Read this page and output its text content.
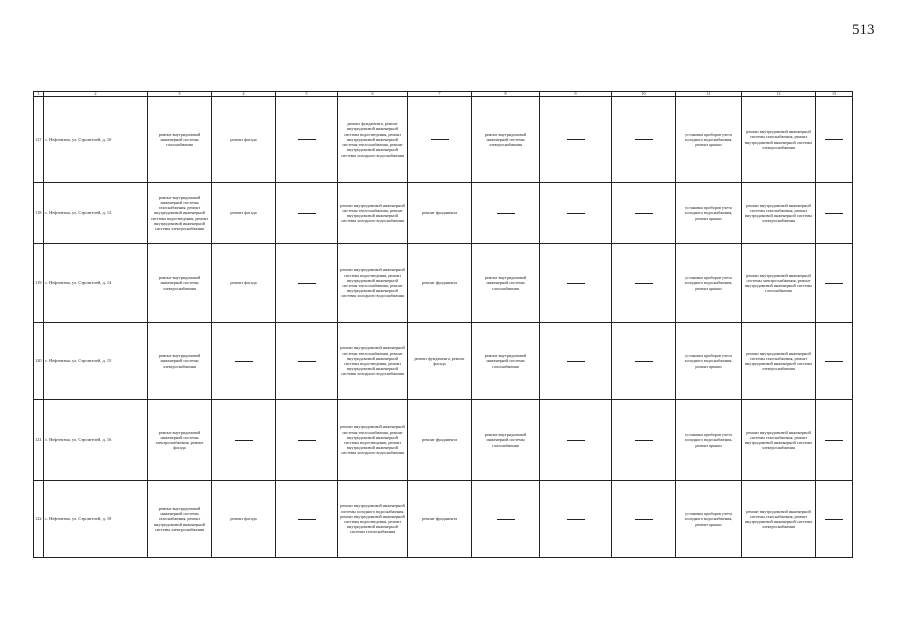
513
1	2	3	4	5	6	7	8	9	10	11	12	13
117	с. Нефтеизма, ул. Строителей, д. 10	ремонт внутридомовой инженерной системы газоснабжения	ремонт фасада		ремонт фундамента, ремонт внутридомовой инженерной системы водоотведения, ремонт внутридомовой инженерной системы теплоснабжения, ремонт внутридомовой инженерной системы холодного водоснабжения		ремонт внутридомовой инженерной системы электроснабжения			установка приборов учета холодного водоснабжения, ремонт крыши	ремонт внутридомовой инженерной системы газоснабжения, ремонт внутридомовой инженерной системы электроснабжения	
118	с. Нефтеизма, ул. Строителей, д. 12	ремонт внутридомовой инженерной системы газоснабжения, ремонт внутридомовой инженерной системы водоотведения, ремонт внутридомовой инженерной системы электроснабжения	ремонт фасада		ремонт внутридомовой инженерной системы теплоснабжения, ремонт внутридомовой инженерной системы холодного водоснабжения	ремонт фундамента				установка приборов учета холодного водоснабжения, ремонт крыши	ремонт внутридомовой инженерной системы газоснабжения, ремонт внутридомовой инженерной системы электроснабжения	
119	с. Нефтеизма, ул. Строителей, д. 14	ремонт внутридомовой инженерной системы электроснабжения	ремонт фасада		ремонт внутридомовой инженерной системы водоотведения, ремонт внутридомовой инженерной системы теплоснабжения, ремонт внутридомовой инженерной системы холодного водоснабжения	ремонт фундамента	ремонт внутридомовой инженерной системы газоснабжения			установка приборов учета холодного водоснабжения, ремонт крыши	ремонт внутридомовой инженерной системы электроснабжения, ремонт внутридомовой инженерной системы газоснабжения	
120	с. Нефтеизма, ул. Строителей, д. 15	ремонт внутридомовой инженерной системы электроснабжения			ремонт внутридомовой инженерной системы теплоснабжения, ремонт внутридомовой инженерной системы водоотведения, ремонт внутридомовой инженерной системы холодного водоснабжения	ремонт фундамента, ремонт фасада	ремонт внутридомовой инженерной системы газоснабжения			установка приборов учета холодного водоснабжения, ремонт крыши	ремонт внутридомовой инженерной системы газоснабжения, ремонт внутридомовой инженерной системы электроснабжения	
121	с. Нефтеизма, ул. Строителей, д. 16	ремонт внутридомовой инженерной системы электроснабжения, ремонт фасада			ремонт внутридомовой инженерной системы теплоснабжения, ремонт внутридомовой инженерной системы водоотведения, ремонт внутридомовой инженерной системы холодного водоснабжения	ремонт фундамента	ремонт внутридомовой инженерной системы газоснабжения			установка приборов учета холодного водоснабжения, ремонт крыши	ремонт внутридомовой инженерной системы газоснабжения, ремонт внутридомовой инженерной системы электроснабжения	
122	с. Нефтеизма, ул. Строителей, д. 18	ремонт внутридомовой инженерной системы газоснабжения, ремонт внутридомовой инженерной системы электроснабжения	ремонт фасада		ремонт внутридомовой инженерной системы холодного водоснабжения, ремонт внутридомовой инженерной системы водоотведения, ремонт внутридомовой инженерной системы теплоснабжения	ремонт фундамента				установка приборов учета холодного водоснабжения, ремонт крыши	ремонт внутридомовой инженерной системы газоснабжения, ремонт внутридомовой инженерной системы электроснабжения	
